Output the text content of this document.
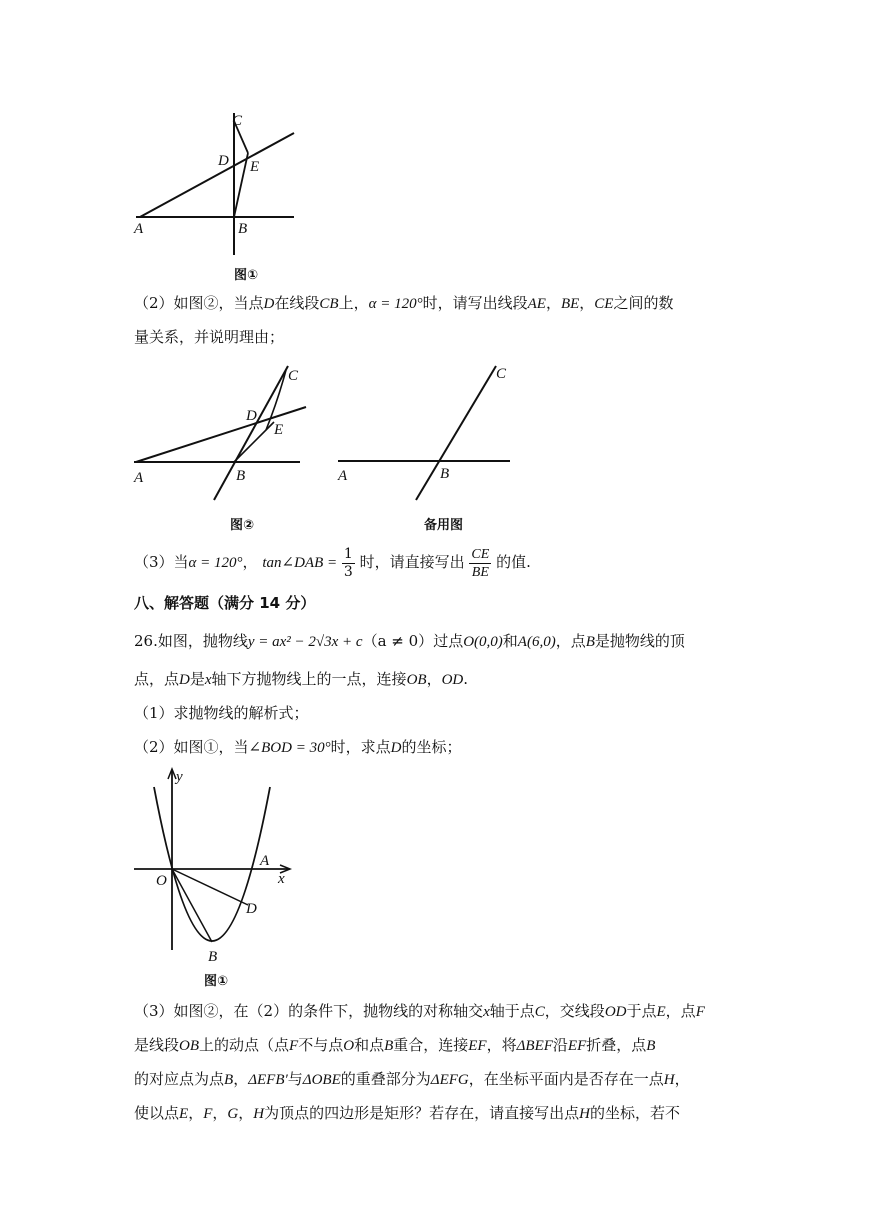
C
D E
A	B
图①
（2）如图②，当点D在线段CB上，α = 120°时，请写出线段AE，BE，CE之间的数
量关系，并说明理由；
C
D
E
A	B
图②
C
A	B
备用图
（3）当α = 120°， tan∠DAB = $\frac{1}{3}$ 时，请直接写出 $\frac{CE}{BE}$ 的值.
八、解答题（满分 14 分）
26.如图，抛物线y = ax² − 2√3x + c（a ≠ 0）过点O(0,0)和A(6,0)，点B是抛物线的顶
点，点D是x轴下方抛物线上的一点，连接OB，OD.
（1）求抛物线的解析式；
（2）如图①，当∠BOD = 30°时，求点D的坐标；
y
A
x
O
D
B
图①
（3）如图②，在（2）的条件下，抛物线的对称轴交x轴于点C，交线段OD于点E，点F
是线段OB上的动点（点F不与点O和点B重合，连接EF，将ΔBEF沿EF折叠，点B
的对应点为点B，ΔEFB′与ΔOBE的重叠部分为ΔEFG，在坐标平面内是否存在一点H，
使以点E，F，G，H为顶点的四边形是矩形？若存在，请直接写出点H的坐标，若不
